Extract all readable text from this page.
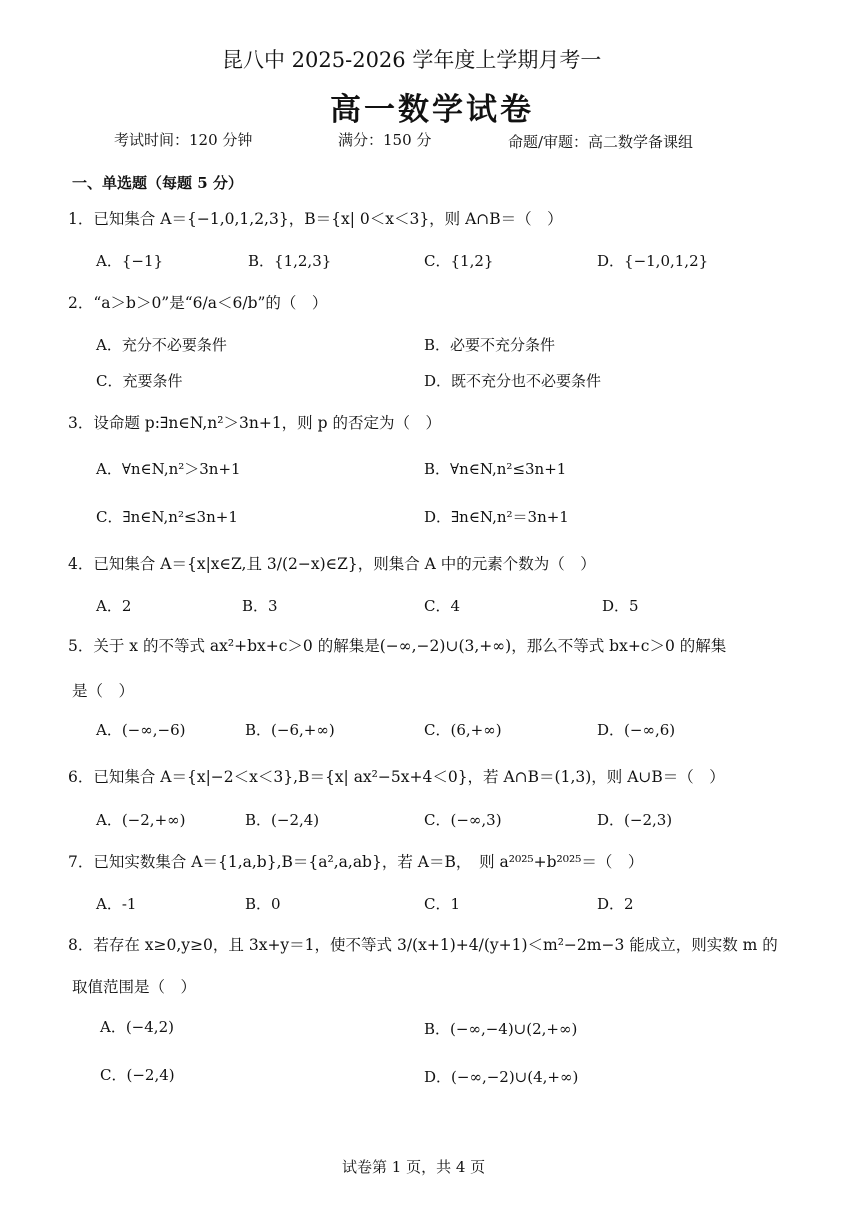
昆八中 2025-2026 学年度上学期月考一
高一数学试卷
考试时间：120 分钟	满分：150 分	命题/审题：高二数学备课组
一、单选题（每题 5 分）
1．已知集合 A＝{−1,0,1,2,3}，B＝{x| 0＜x＜3}，则 A∩B＝（　）
A．{−1}	B．{1,2,3}	C．{1,2}	D．{−1,0,1,2}
2．“a＞b＞0”是“6/a＜6/b”的（　）
A．充分不必要条件	B．必要不充分条件
C．充要条件	D．既不充分也不必要条件
3．设命题 p:∃n∈N,n²＞3n+1，则 p 的否定为（　）
A．∀n∈N,n²＞3n+1	B．∀n∈N,n²≤3n+1
C．∃n∈N,n²≤3n+1	D．∃n∈N,n²＝3n+1
4．已知集合 A＝{x|x∈Z,且 3/(2−x)∈Z}，则集合 A 中的元素个数为（　）
A．2	B．3	C．4	D．5
5．关于 x 的不等式 ax²+bx+c＞0 的解集是(−∞,−2)∪(3,+∞)，那么不等式 bx+c＞0 的解集
是（　）
A．(−∞,−6)	B．(−6,+∞)	C．(6,+∞)	D．(−∞,6)
6．已知集合 A＝{x|−2＜x＜3},B＝{x| ax²−5x+4＜0}，若 A∩B＝(1,3)，则 A∪B＝（　）
A．(−2,+∞)	B．(−2,4)	C．(−∞,3)	D．(−2,3)
7．已知实数集合 A＝{1,a,b},B＝{a²,a,ab}，若 A＝B，　则 a²⁰²⁵+b²⁰²⁵＝（　）
A．-1	B．0	C．1	D．2
8．若存在 x≥0,y≥0，且 3x+y＝1，使不等式 3/(x+1)+4/(y+1)＜m²−2m−3 能成立，则实数 m 的
取值范围是（　）
A．(−4,2)	B．(−∞,−4)∪(2,+∞)
C．(−2,4)	D．(−∞,−2)∪(4,+∞)
试卷第 1 页，共 4 页
